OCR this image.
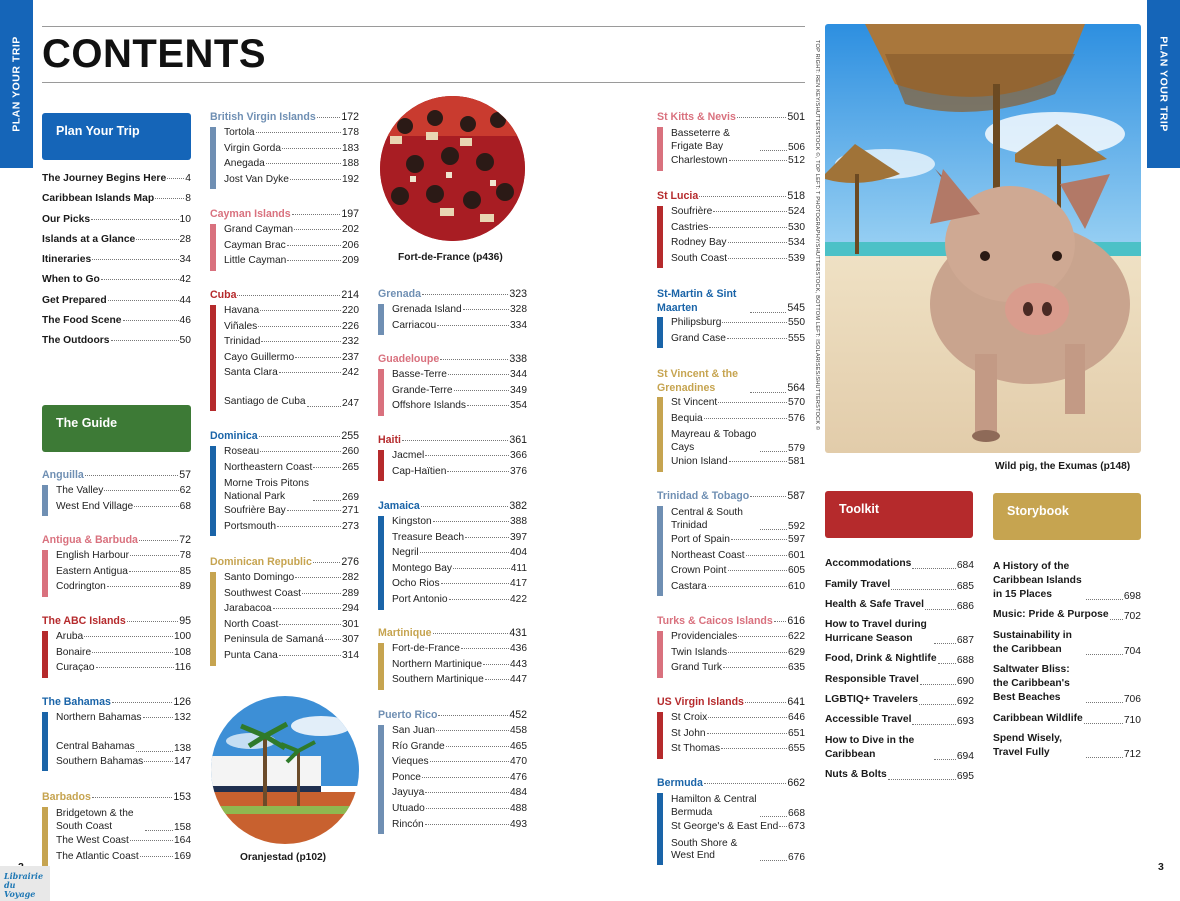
PLAN YOUR TRIP	PLAN YOUR TRIP
CONTENTS
Plan Your Trip
The Journey Begins Here 4
Caribbean Islands Map	8
Our Picks	10
Islands at a Glance	28
Itineraries	34
When to Go	42
Get Prepared	44
The Food Scene	46
The Outdoors	50
The Guide
Anguilla	57
The Valley	62
West End Village	68
Antigua & Barbuda	72
English Harbour	78
Eastern Antigua	85
Codrington	89
The ABC Islands	95
Aruba	100
Bonaire	108
Curaçao	116
The Bahamas	126
Northern Bahamas	132
Central Bahamas	138
Southern Bahamas	147
Barbados	153
Bridgetown & the South Coast	158
The West Coast	164
The Atlantic Coast	169
British Virgin Islands 172
Tortola	178
Virgin Gorda	183
Anegada	188
Jost Van Dyke	192
Cayman Islands	197
Grand Cayman	202
Cayman Brac	206
Little Cayman	209
Cuba	214
Havana	220
Viñales	226
Trinidad	232
Cayo Guillermo	237
Santa Clara	242
Santiago de Cuba	247
Dominica	255
Roseau	260
Northeastern Coast	265
Morne Trois Pitons National Park	269
Soufrière Bay	271
Portsmouth	273
Dominican Republic	276
Santo Domingo	282
Southwest Coast	289
Jarabacoa	294
North Coast	301
Peninsula de Samaná 307
Punta Cana	314
Grenada	323
Grenada Island	328
Carriacou	334
Guadeloupe	338
Basse-Terre	344
Grande-Terre	349
Offshore Islands	354
Haiti	361
Jacmel	366
Cap-Haïtien	376
Jamaica	382
Kingston	388
Treasure Beach	397
Negril	404
Montego Bay	411
Ocho Rios	417
Port Antonio	422
Martinique	431
Fort-de-France	436
Northern Martinique	443
Southern Martinique	447
Puerto Rico	452
San Juan	458
Río Grande	465
Vieques	470
Ponce	476
Jayuya	484
Utuado	488
Rincón	493
St Kitts & Nevis	501
Basseterre & Frigate Bay	506
Charlestown	512
St Lucia	518
Soufrière	524
Castries	530
Rodney Bay	534
South Coast	539
St-Martin & Sint Maarten	545
Philipsburg	550
Grand Case	555
St Vincent & the Grenadines	564
St Vincent	570
Bequia	576
Mayreau & Tobago Cays	579
Union Island	581
Trinidad & Tobago	587
Central & South Trinidad	592
Port of Spain	597
Northeast Coast	601
Crown Point	605
Castara	610
Turks & Caicos Islands 616
Providenciales	622
Twin Islands	629
Grand Turk	635
US Virgin Islands	641
St Croix	646
St John	651
St Thomas	655
Bermuda	662
Hamilton & Central Bermuda	668
St George's & East End 673
South Shore & West End	676
Fort-de-France (p436)
Oranjestad (p102)
TOP RIGHT: REN KEY/SHUTTERSTOCK ©, TOP LEFT: T PHOTOGRAPHY/SHUTTERSTOCK, BOTTOM LEFT: ISOLARISES/SHUTTERSTOCK ©
Wild pig, the Exumas (p148)
Toolkit	Storybook
Accommodations	684
Family Travel	685
Health & Safe Travel	686
How to Travel during Hurricane Season	687
Food, Drink & Nightlife 688
Responsible Travel	690
LGBTIQ+ Travelers	692
Accessible Travel	693
How to Dive in the Caribbean	694
Nuts & Bolts	695
A History of the Caribbean Islands in 15 Places	698
Music: Pride & Purpose 702
Sustainability in the Caribbean	704
Saltwater Bliss: the Caribbean's Best Beaches	706
Caribbean Wildlife	710
Spend Wisely, Travel Fully	712
3
Librairie du Voyage
